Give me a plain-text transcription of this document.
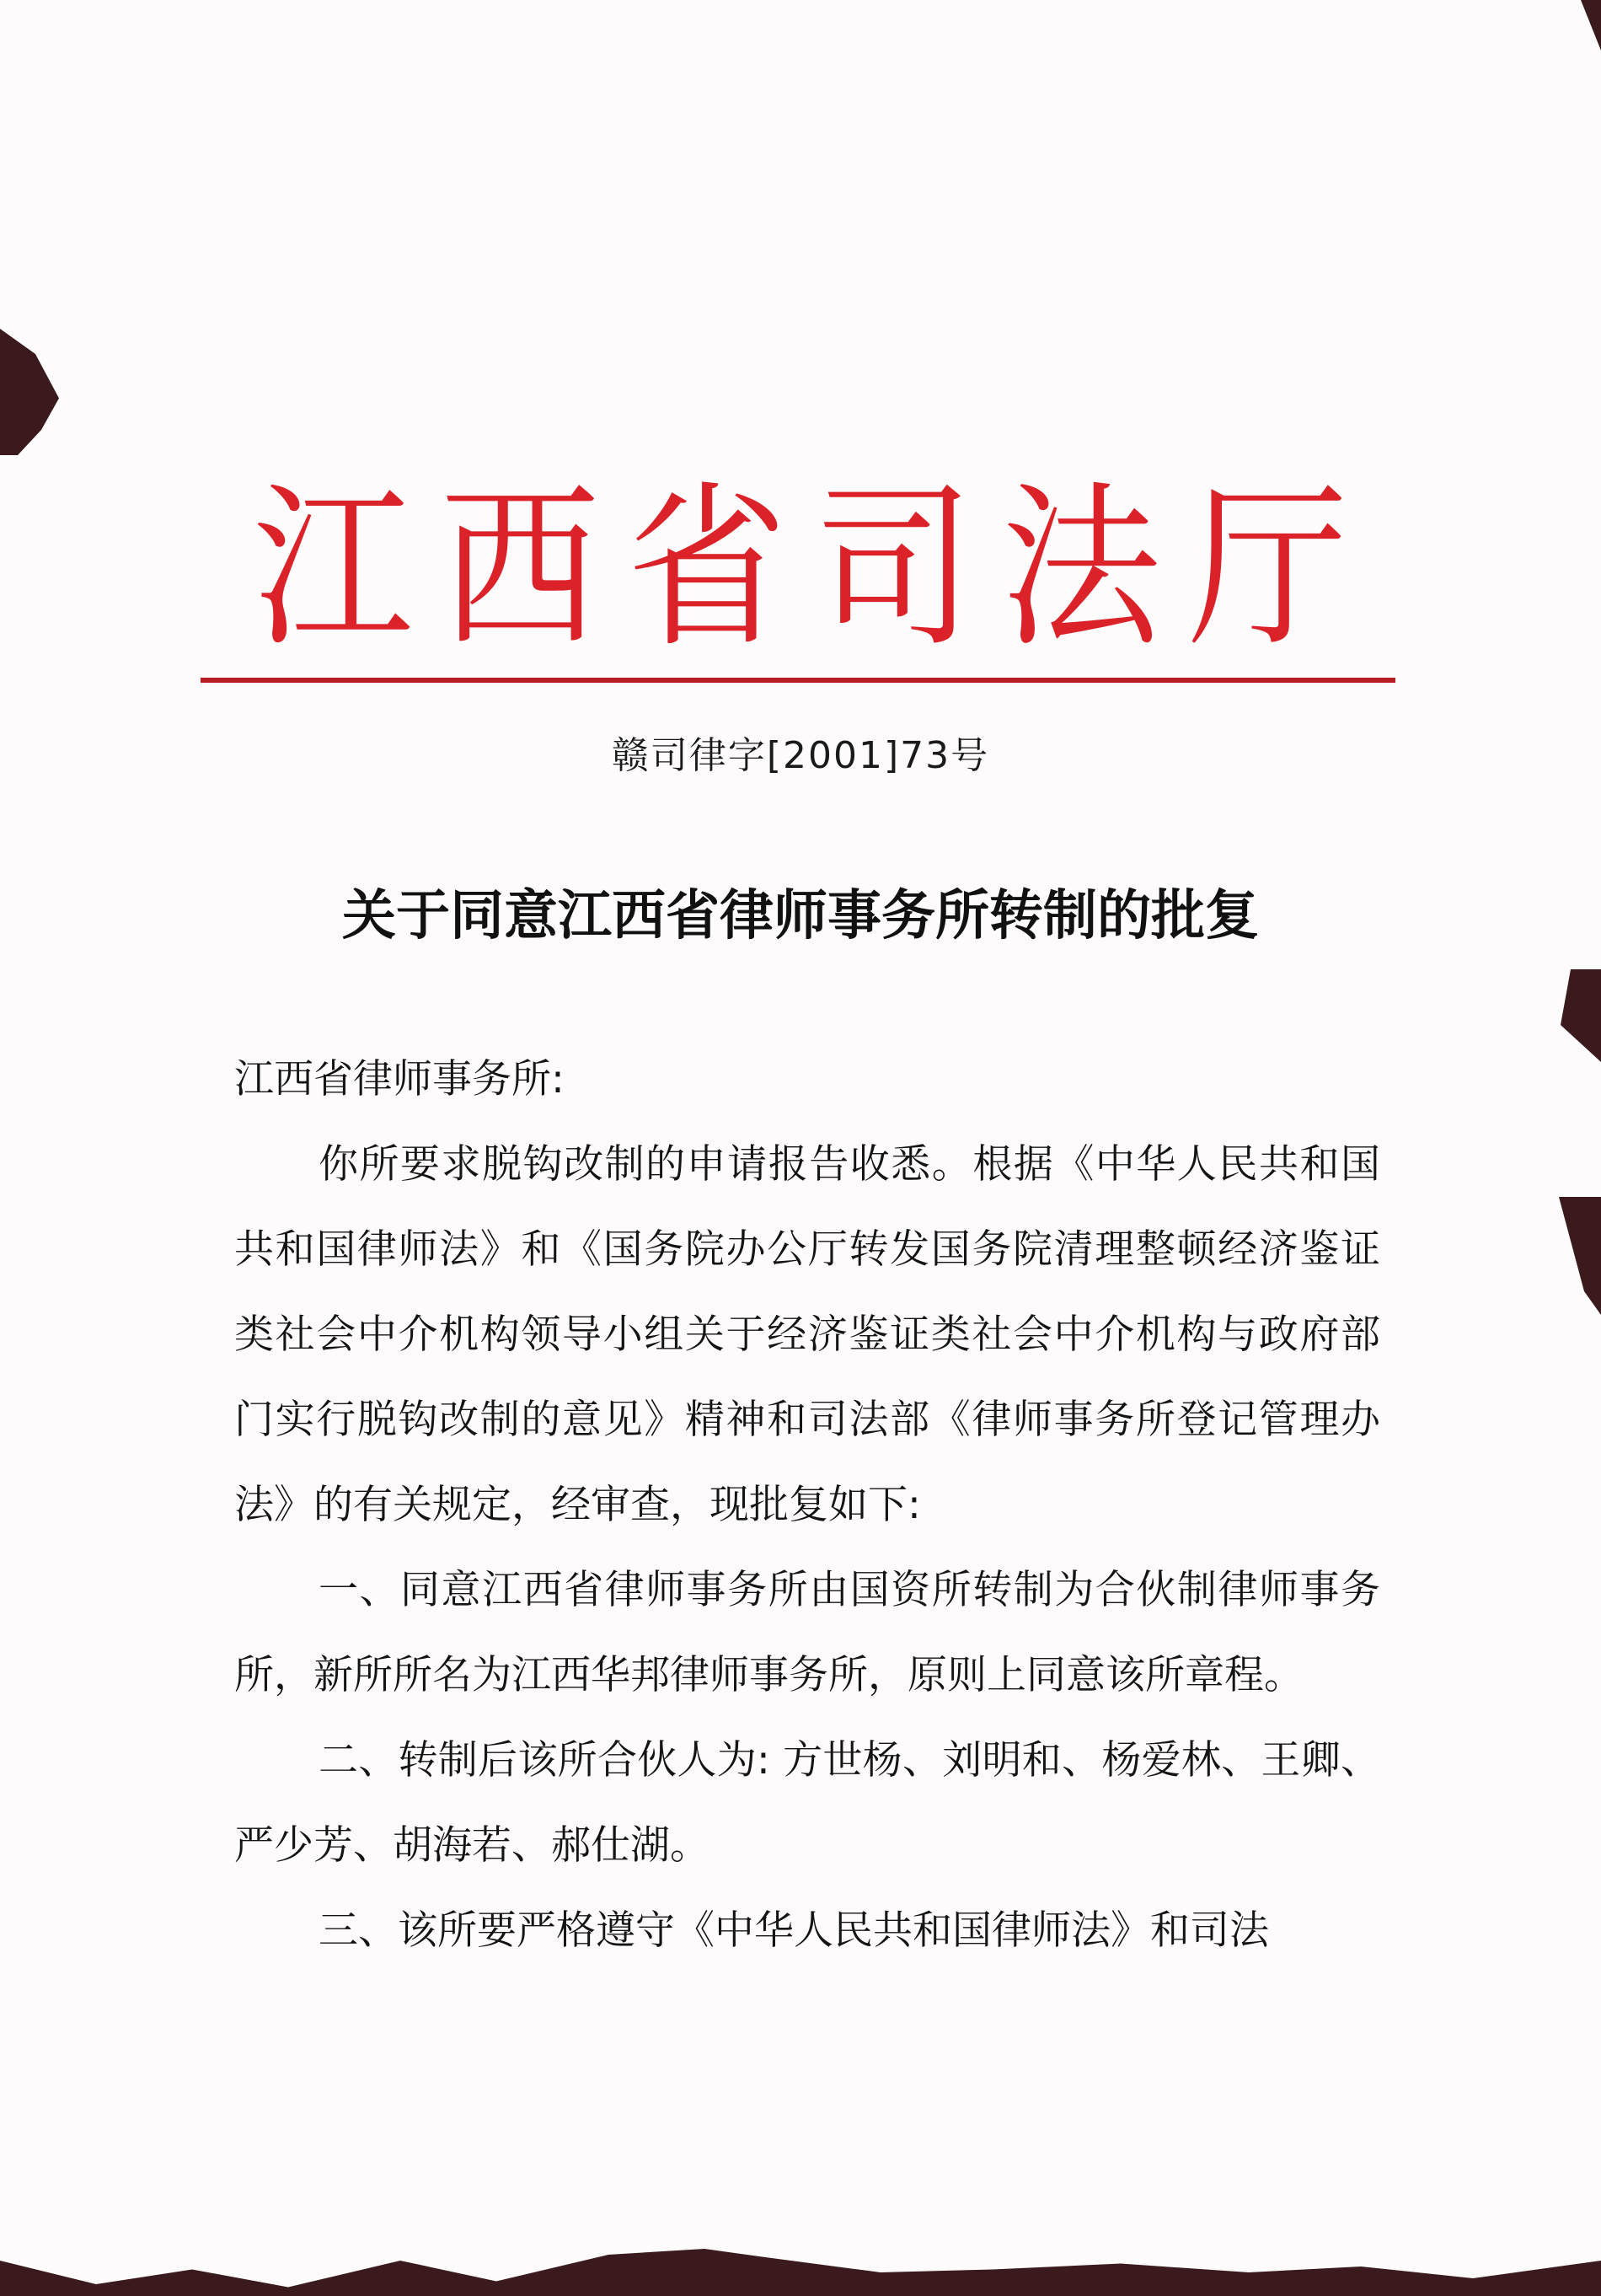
江 西 省 司 法 厅
赣司律字[2001]73号
关于同意江西省律师事务所转制的批复

江西省律师事务所:

你所要求脱钩改制的申请报告收悉。根据《中华人民共和国共和国律师法》和《国务院办公厅转发国务院清理整顿经济鉴证类社会中介机构领导小组关于经济鉴证类社会中介机构与政府部门实行脱钩改制的意见》精神和司法部《律师事务所登记管理办法》的有关规定，经审查，现批复如下:

一、同意江西省律师事务所由国资所转制为合伙制律师事务所，新所所名为江西华邦律师事务所，原则上同意该所章程。

二、转制后该所合伙人为: 方世杨、刘明和、杨爱林、王卿、严少芳、胡海若、郝仕湖。

三、该所要严格遵守《中华人民共和国律师法》和司法
